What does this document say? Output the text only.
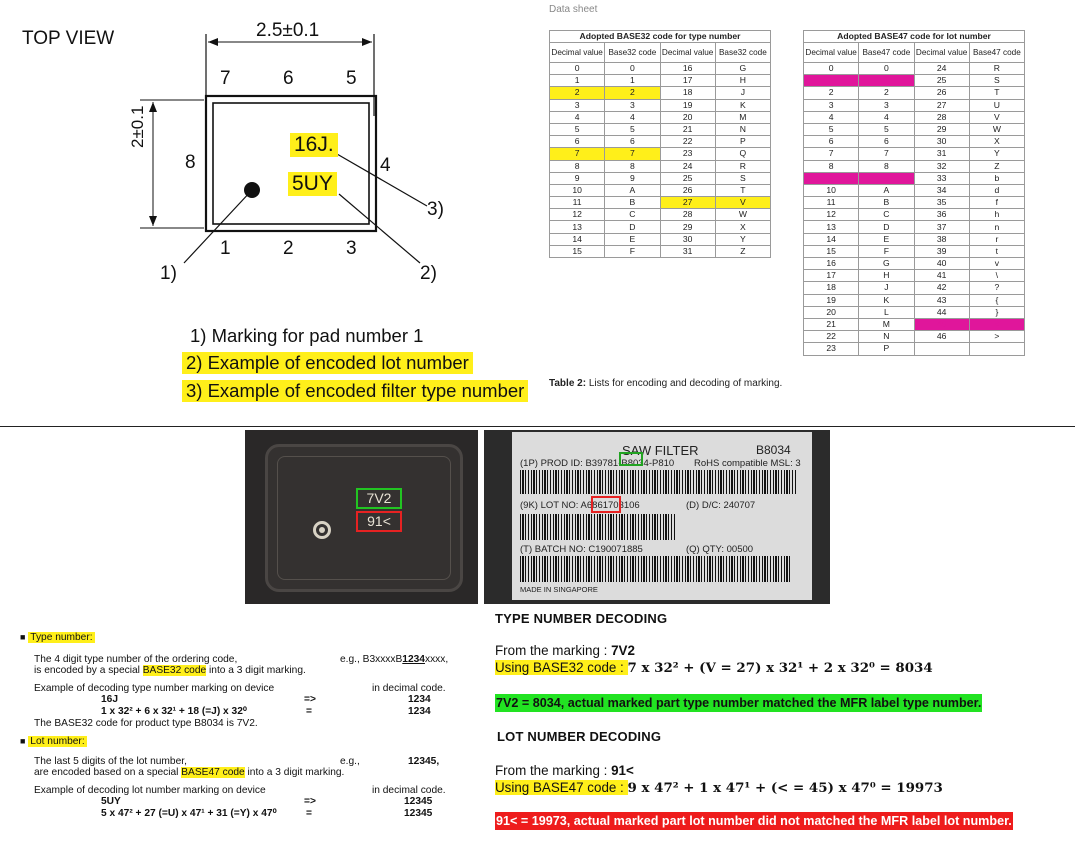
TOP VIEW	2.5±0.1
2±0.1
7	6	5
8	4
1	2	3
16J.
5UY
1)	2)
3)
1) Marking for pad number 1
2) Example of encoded lot number
3) Example of encoded filter type number
Data sheet
Adopted BASE32 code for type number			
Decimal value	Base32 code	Decimal value	Base32 code
0	0	16	G
1	1	17	H
2	2	18	J
3	3	19	K
4	4	20	M
5	5	21	N
6	6	22	P
7	7	23	Q
8	8	24	R
9	9	25	S
10	A	26	T
11	B	27	V
12	C	28	W
13	D	29	X
14	E	30	Y
15	F	31	Z
Adopted BASE47 code for lot number			
Decimal value	Base47 code	Decimal value	Base47 code
0	0	24	R
1	1	25	S
2	2	26	T
3	3	27	U
4	4	28	V
5	5	29	W
6	6	30	X
7	7	31	Y
8	8	32	Z
9	9	33	b
10	A	34	d
11	B	35	f
12	C	36	h
13	D	37	n
14	E	38	r
15	F	39	t
16	G	40	v
17	H	41	\
18	J	42	?
19	K	43	{
20	L	44	}
21	M	45	<
22	N	46	>
23	P		
Table 2: Lists for encoding and decoding of marking.
7V2
91<
SAW FILTER	B8034
(1P) PROD ID: B39781-B8034-P810 RoHS compatible MSL: 3
(9K) LOT NO: A6861703106	(D) D/C: 240707
(T) BATCH NO: C190071885	(Q) QTY: 00500
MADE IN SINGAPORE
■ Type number:
The 4 digit type number of the ordering code,	e.g., B3xxxxB1234xxxx,
is encoded by a special BASE32 code into a 3 digit marking.
Example of decoding type number marking on device	in decimal code.
16J	=>	1234
1 x 32² + 6 x 32¹ + 18 (=J) x 32⁰	=	1234
The BASE32 code for product type B8034 is 7V2.
■ Lot number:
The last 5 digits of the lot number,	e.g.,	12345,
are encoded based on a special BASE47 code into a 3 digit marking.
Example of decoding lot number marking on device	in decimal code.
5UY	=>	12345
5 x 47² + 27 (=U) x 47¹ + 31 (=Y) x 47⁰	=	12345
TYPE NUMBER DECODING
From the marking : 7V2
Using BASE32 code : 7 x 32² + (V = 27) x 32¹ + 2 x 32⁰ = 8034
7V2 = 8034, actual marked part type number matched the MFR label type number.
LOT NUMBER DECODING
From the marking : 91<
Using BASE47 code : 9 x 47² + 1 x 47¹ + (< = 45) x 47⁰ = 19973
91< = 19973, actual marked part lot number did not matched the MFR label lot number.
